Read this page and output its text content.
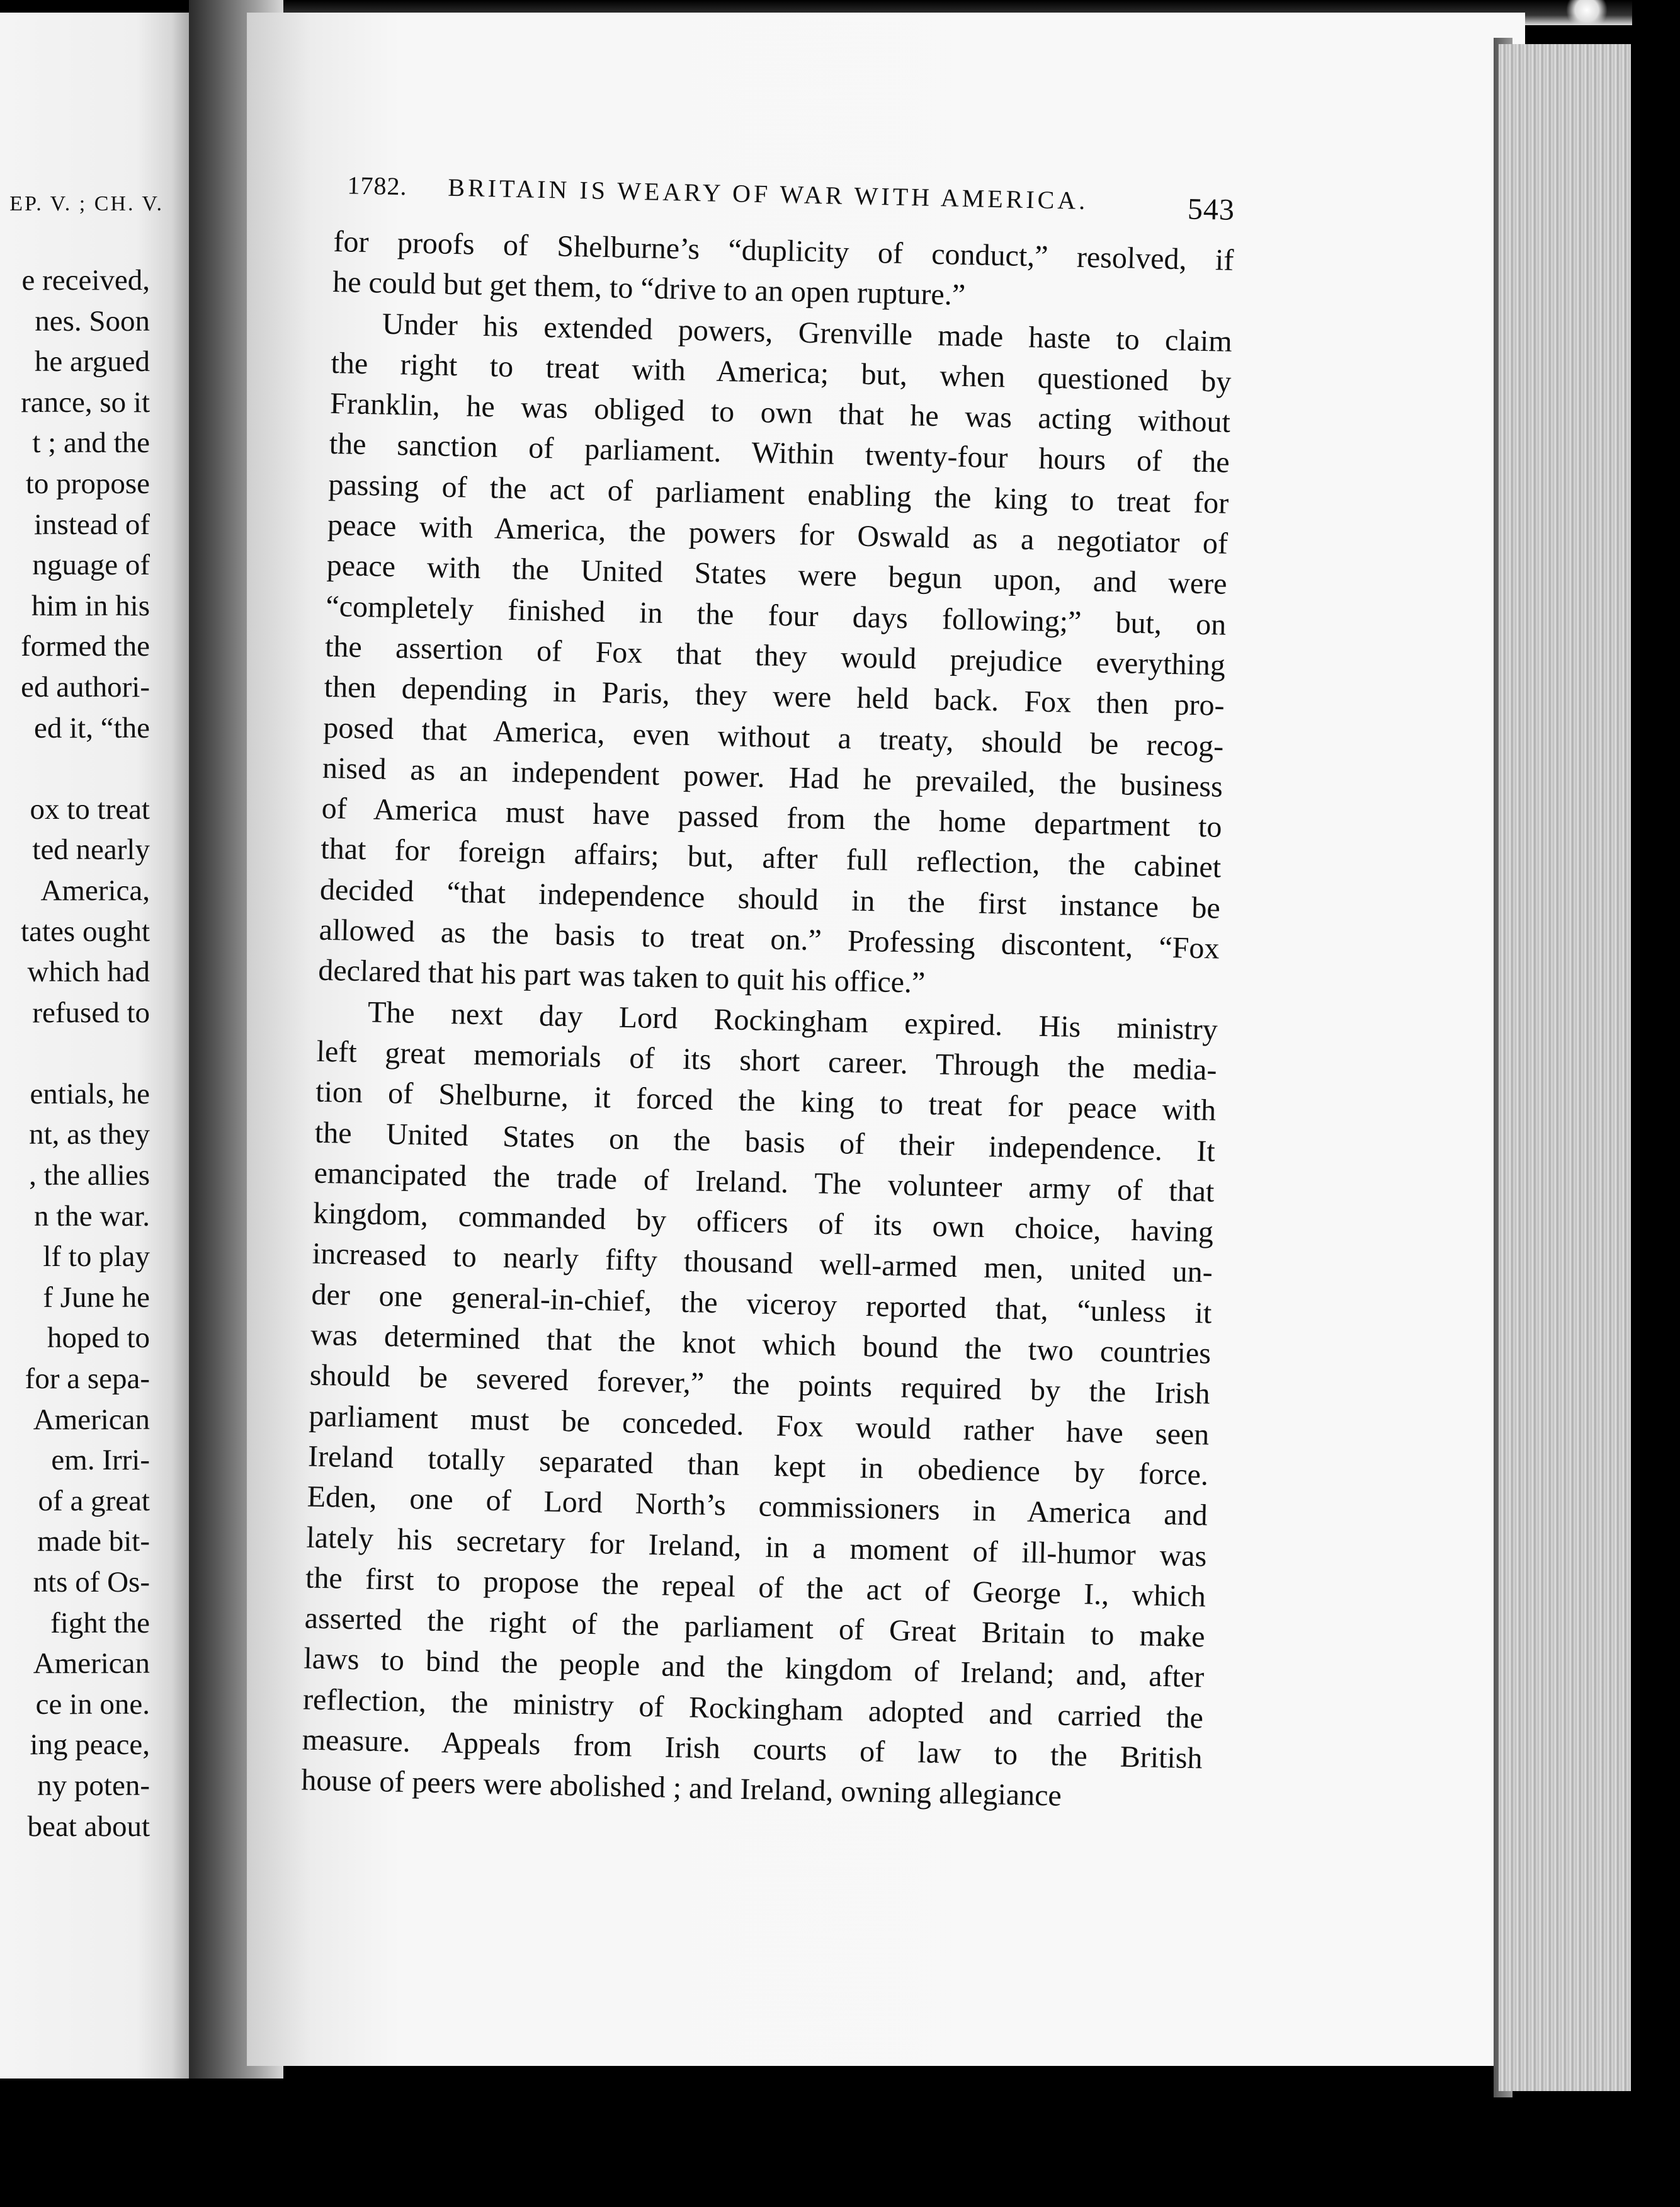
EP. V. ; CH. V.
e received,
nes. Soon
he argued
rance, so it
t ; and the
to propose
instead of
nguage of
him in his
formed the
ed authori-
ed it, “the
ox to treat
ted nearly
America,
tates ought
which had
refused to
entials, he
nt, as they
, the allies
n the war.
lf to play
f June he
hoped to
for a sepa-
American
em. Irri-
of a great
made bit-
nts of Os-
fight the
American
ce in one.
ing peace,
ny poten-
beat about
1782. BRITAIN IS WEARY OF WAR WITH AMERICA.	543
for proofs of Shelburne’s “duplicity of conduct,” resolved, if
he could but get them, to “drive to an open rupture.”
Under his extended powers, Grenville made haste to claim
the right to treat with America; but, when questioned by
Franklin, he was obliged to own that he was acting without
the sanction of parliament. Within twenty-four hours of the
passing of the act of parliament enabling the king to treat for
peace with America, the powers for Oswald as a negotiator of
peace with the United States were begun upon, and were
“completely finished in the four days following;” but, on
the assertion of Fox that they would prejudice everything
then depending in Paris, they were held back. Fox then pro-
posed that America, even without a treaty, should be recog-
nised as an independent power. Had he prevailed, the business
of America must have passed from the home department to
that for foreign affairs; but, after full reflection, the cabinet
decided “that independence should in the first instance be
allowed as the basis to treat on.” Professing discontent, “Fox
declared that his part was taken to quit his office.”
The next day Lord Rockingham expired. His ministry
left great memorials of its short career. Through the media-
tion of Shelburne, it forced the king to treat for peace with
the United States on the basis of their independence. It
emancipated the trade of Ireland. The volunteer army of that
kingdom, commanded by officers of its own choice, having
increased to nearly fifty thousand well-armed men, united un-
der one general-in-chief, the viceroy reported that, “unless it
was determined that the knot which bound the two countries
should be severed forever,” the points required by the Irish
parliament must be conceded. Fox would rather have seen
Ireland totally separated than kept in obedience by force.
Eden, one of Lord North’s commissioners in America and
lately his secretary for Ireland, in a moment of ill-humor was
the first to propose the repeal of the act of George I., which
asserted the right of the parliament of Great Britain to make
laws to bind the people and the kingdom of Ireland; and, after
reflection, the ministry of Rockingham adopted and carried the
measure. Appeals from Irish courts of law to the British
house of peers were abolished ; and Ireland, owning allegiance
